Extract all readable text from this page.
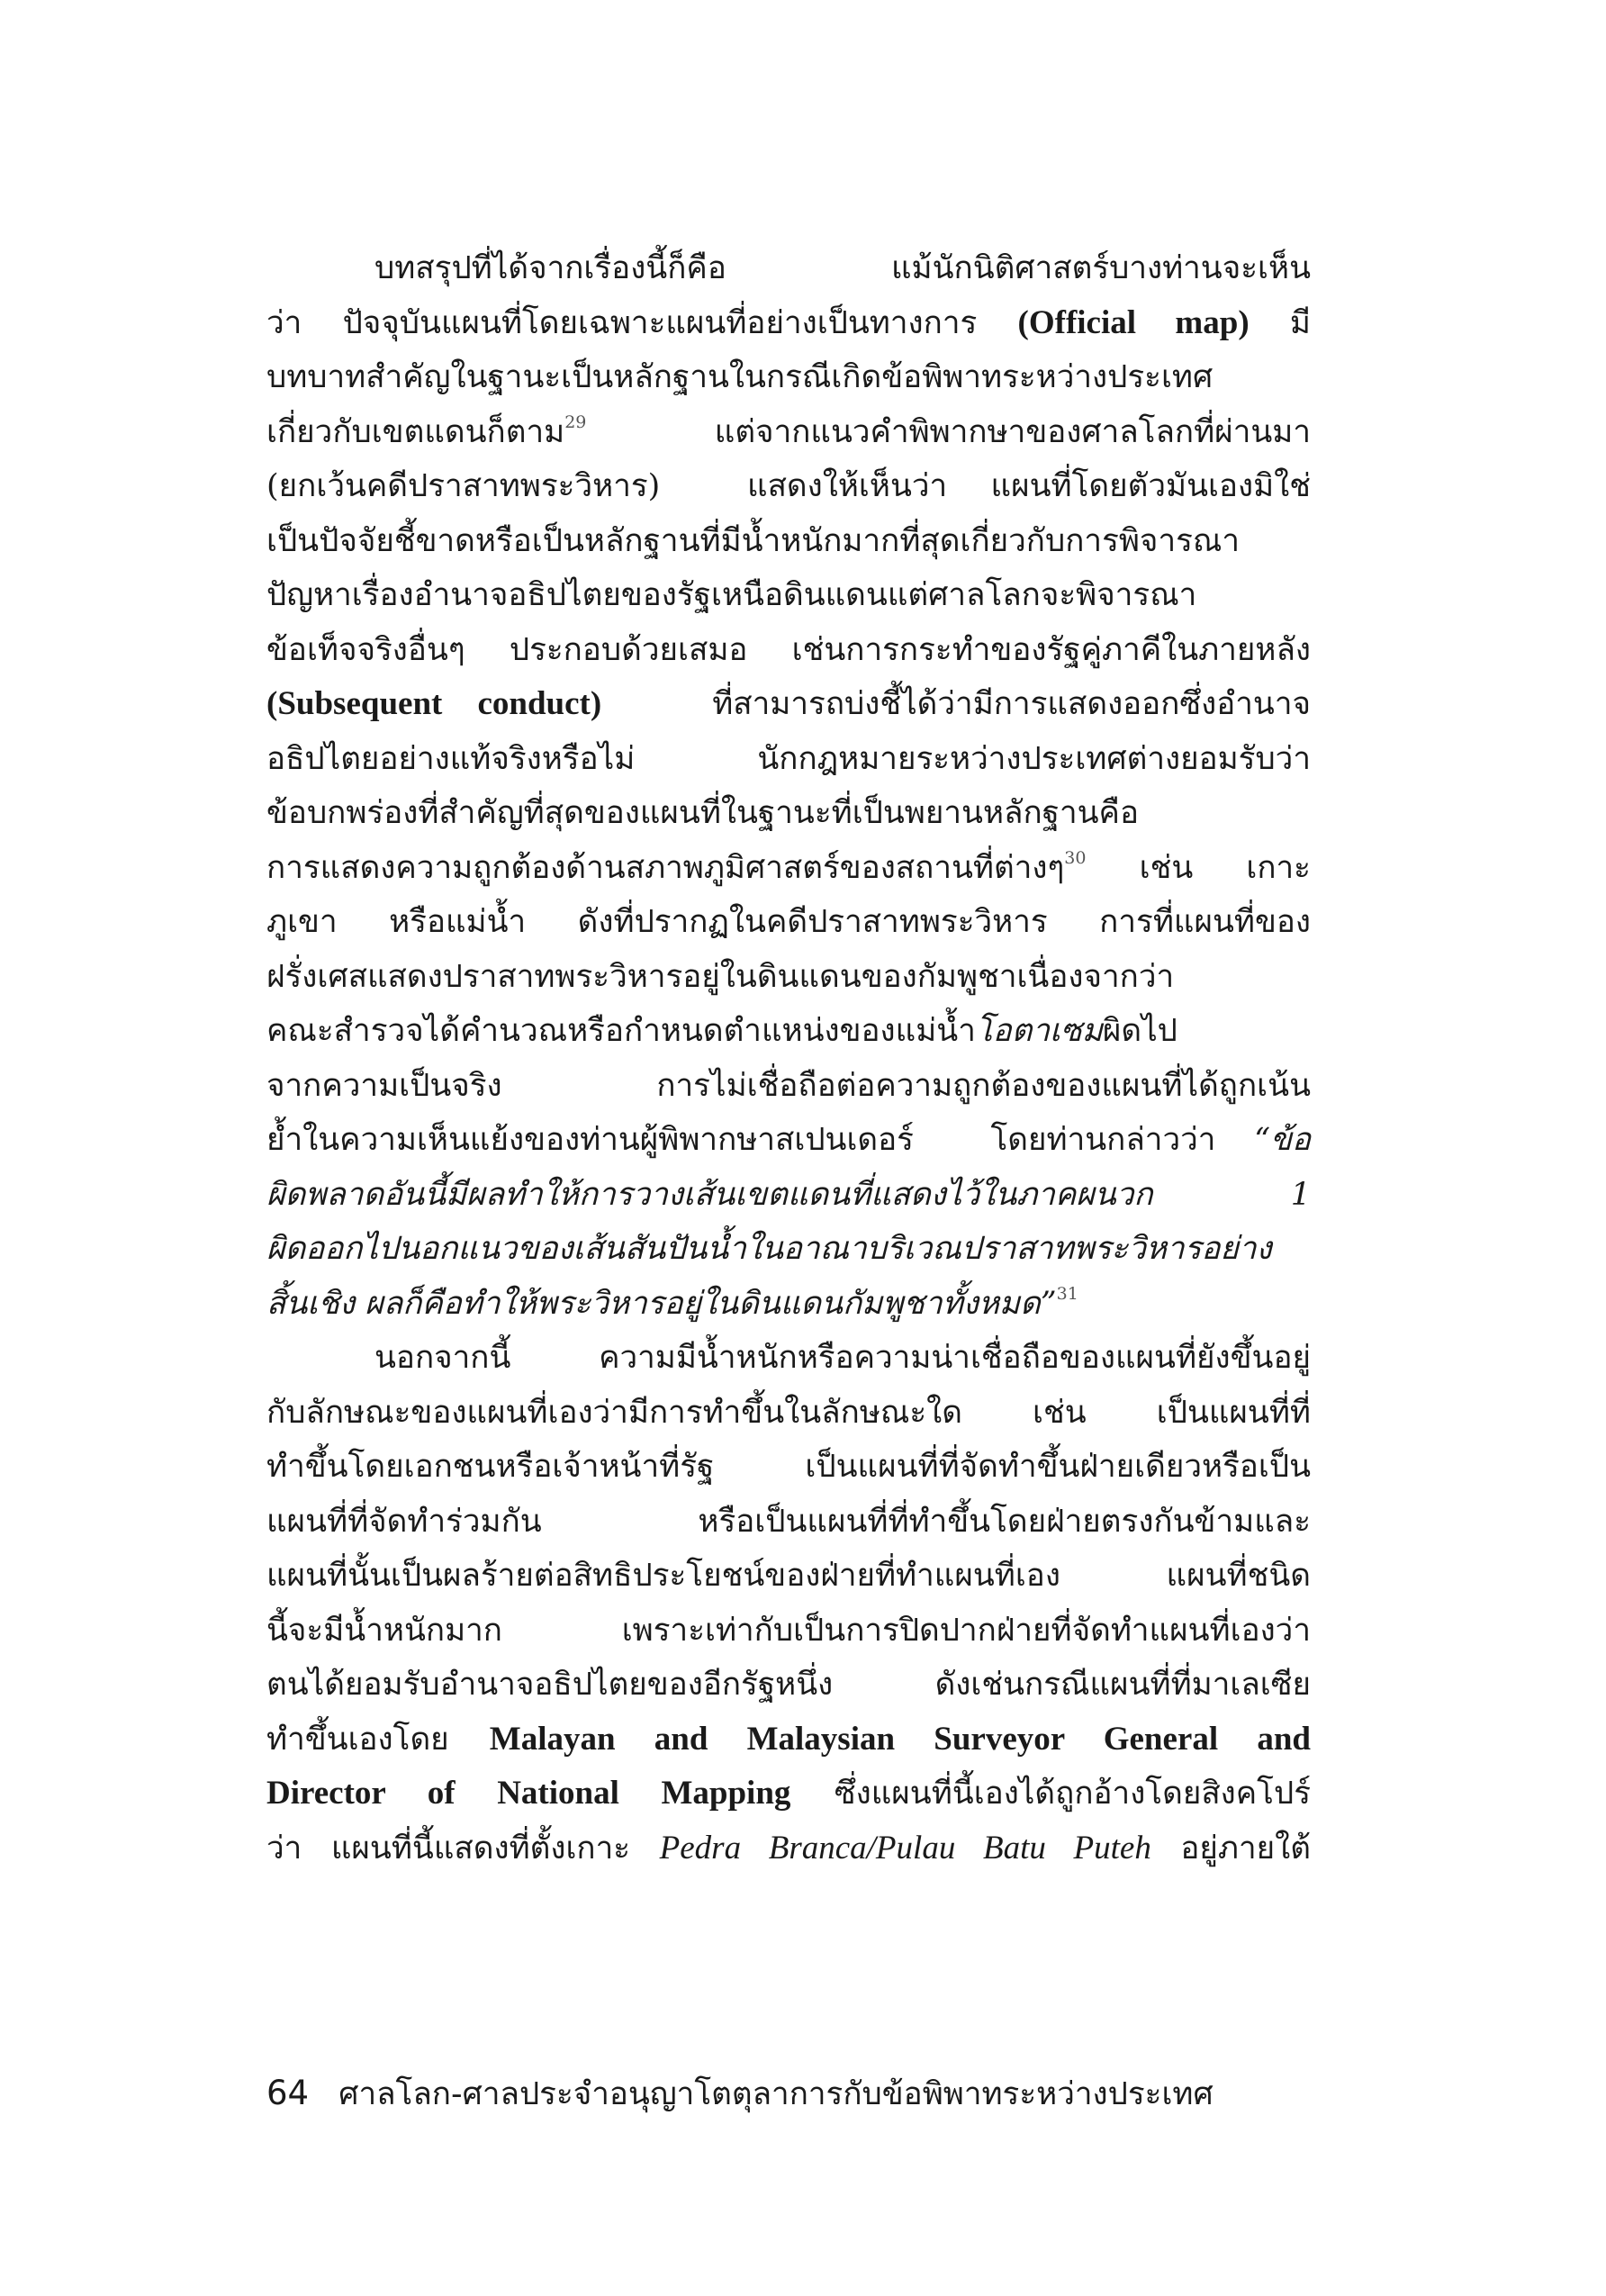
บทสรุปที่ได้จากเรื่องนี้ก็คือ แม้นักนิติศาสตร์บางท่านจะเห็น
ว่า ปัจจุบันแผนที่โดยเฉพาะแผนที่อย่างเป็นทางการ (Official map) มี
บทบาทสำคัญในฐานะเป็นหลักฐานในกรณีเกิดข้อพิพาทระหว่างประเทศ
เกี่ยวกับเขตแดนก็ตาม$^{29}$   แต่จากแนวคำพิพากษาของศาลโลกที่ผ่านมา
(ยกเว้นคดีปราสาทพระวิหาร)  แสดงให้เห็นว่า แผนที่โดยตัวมันเองมิใช่
เป็นปัจจัยชี้ขาดหรือเป็นหลักฐานที่มีน้ำหนักมากที่สุดเกี่ยวกับการพิจารณา
ปัญหาเรื่องอำนาจอธิปไตยของรัฐเหนือดินแดนแต่ศาลโลกจะพิจารณา
ข้อเท็จจริงอื่นๆ ประกอบด้วยเสมอ เช่นการกระทำของรัฐคู่ภาคีในภายหลัง
(Subsequent conduct)   ที่สามารถบ่งชี้ได้ว่ามีการแสดงออกซึ่งอำนาจ
อธิปไตยอย่างแท้จริงหรือไม่  นักกฎหมายระหว่างประเทศต่างยอมรับว่า
ข้อบกพร่องที่สำคัญที่สุดของแผนที่ในฐานะที่เป็นพยานหลักฐานคือ
การแสดงความถูกต้องด้านสภาพภูมิศาสตร์ของสถานที่ต่างๆ$^{30}$ เช่น เกาะ
ภูเขา  หรือแม่น้ำ  ดังที่ปรากฏในคดีปราสาทพระวิหาร  การที่แผนที่ของ
ฝรั่งเศสแสดงปราสาทพระวิหารอยู่ในดินแดนของกัมพูชาเนื่องจากว่า
คณะสำรวจได้คำนวณหรือกำหนดตำแหน่งของแม่น้ำโอตาเซมผิดไป
จากความเป็นจริง   การไม่เชื่อถือต่อความถูกต้องของแผนที่ได้ถูกเน้น
ย้ำในความเห็นแย้งของท่านผู้พิพากษาสเปนเดอร์  โดยท่านกล่าวว่า “ข้อ
ผิดพลาดอันนี้มีผลทำให้การวางเส้นเขตแดนที่แสดงไว้ในภาคผนวก 1
ผิดออกไปนอกแนวของเส้นสันปันน้ำในอาณาบริเวณปราสาทพระวิหารอย่าง
สิ้นเชิง ผลก็คือทำให้พระวิหารอยู่ในดินแดนกัมพูชาทั้งหมด”$^{31}$
นอกจากนี้  ความมีน้ำหนักหรือความน่าเชื่อถือของแผนที่ยังขึ้นอยู่
กับลักษณะของแผนที่เองว่ามีการทำขึ้นในลักษณะใด  เช่น  เป็นแผนที่ที่
ทำขึ้นโดยเอกชนหรือเจ้าหน้าที่รัฐ  เป็นแผนที่ที่จัดทำขึ้นฝ่ายเดียวหรือเป็น
แผนที่ที่จัดทำร่วมกัน    หรือเป็นแผนที่ที่ทำขึ้นโดยฝ่ายตรงกันข้ามและ
แผนที่นั้นเป็นผลร้ายต่อสิทธิประโยชน์ของฝ่ายที่ทำแผนที่เอง  แผนที่ชนิด
นี้จะมีน้ำหนักมาก   เพราะเท่ากับเป็นการปิดปากฝ่ายที่จัดทำแผนที่เองว่า
ตนได้ยอมรับอำนาจอธิปไตยของอีกรัฐหนึ่ง  ดังเช่นกรณีแผนที่ที่มาเลเซีย
ทำขึ้นเองโดย Malayan and Malaysian Surveyor General and
Director of National Mapping ซึ่งแผนที่นี้เองได้ถูกอ้างโดยสิงคโปร์
ว่า แผนที่นี้แสดงที่ตั้งเกาะ Pedra Branca/Pulau Batu Puteh อยู่ภายใต้
64 ศาลโลก-ศาลประจำอนุญาโตตุลาการกับข้อพิพาทระหว่างประเทศ
